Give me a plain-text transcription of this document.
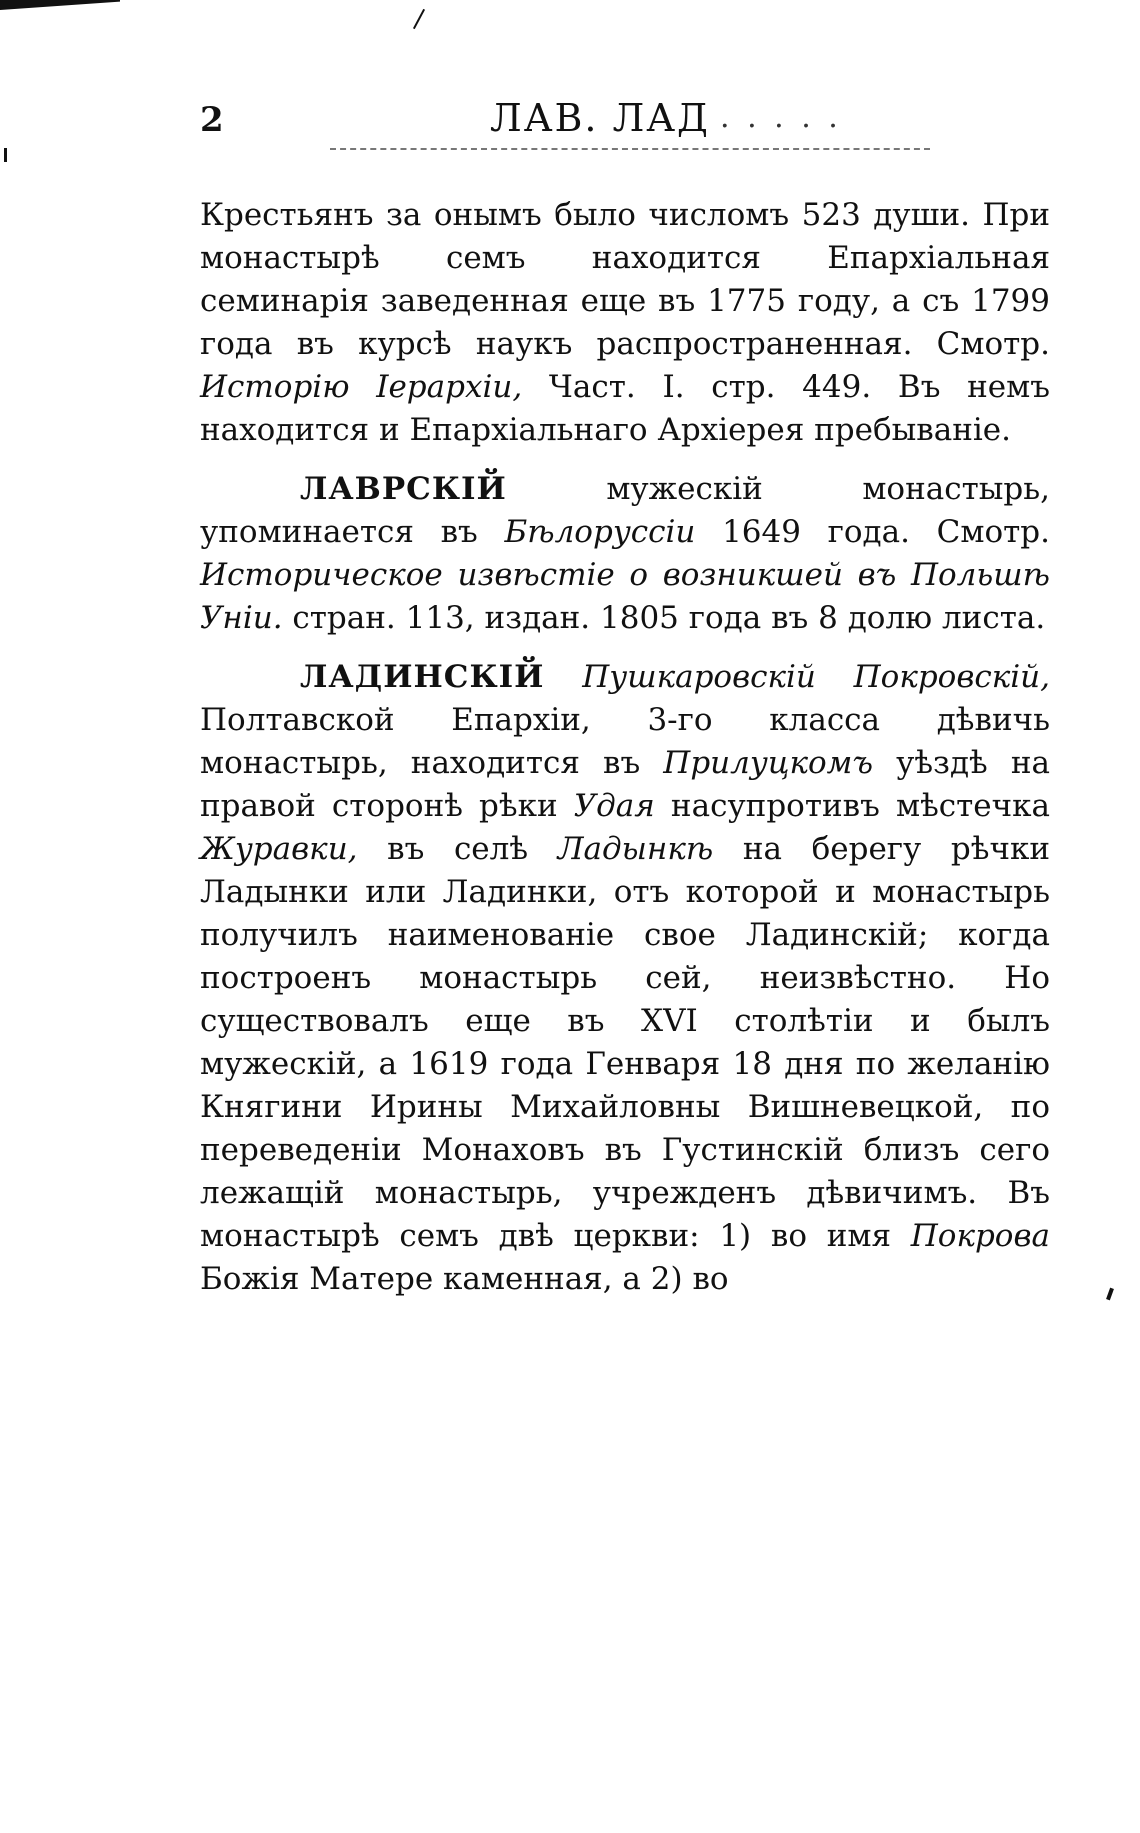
2	ЛАВ. ЛАД . . . . .

Крестьянъ за онымъ было числомъ 523 души. При монастырѣ семъ находится Епархіальная семинарія заведенная еще въ 1775 году, а съ 1799 года въ курсѣ наукъ распространенная. Смотр. Исторію Іерархіи, Част. I. стр. 449. Въ немъ находится и Епархіальнаго Архіерея пребываніе.

ЛАВРСКІЙ мужескій монастырь, упоминается въ Бѣлоруссіи 1649 года. Смотр. Историческое извѣстіе о возникшей въ Польшѣ Уніи. стран. 113, издан. 1805 года въ 8 долю листа.

ЛАДИНСКІЙ Пушкаровскій Покровскій, Полтавской Епархіи, 3-го класса дѣвичь монастырь, находится въ Прилуцкомъ уѣздѣ на правой сторонѣ рѣки Удая насупротивъ мѣстечка Журавки, въ селѣ Ладынкѣ на берегу рѣчки Ладынки или Ладинки, отъ которой и монастырь получилъ наименованіе свое Ладинскій; когда построенъ монастырь сей, неизвѣстно. Но существовалъ еще въ XVI столѣтіи и былъ мужескій, а 1619 года Генваря 18 дня по желанію Княгини Ирины Михайловны Вишневецкой, по переведеніи Монаховъ въ Густинскій близъ сего лежащій монастырь, учрежденъ дѣвичимъ. Въ монастырѣ семъ двѣ церкви: 1) во имя Покрова Божія Матере каменная, а 2) во
